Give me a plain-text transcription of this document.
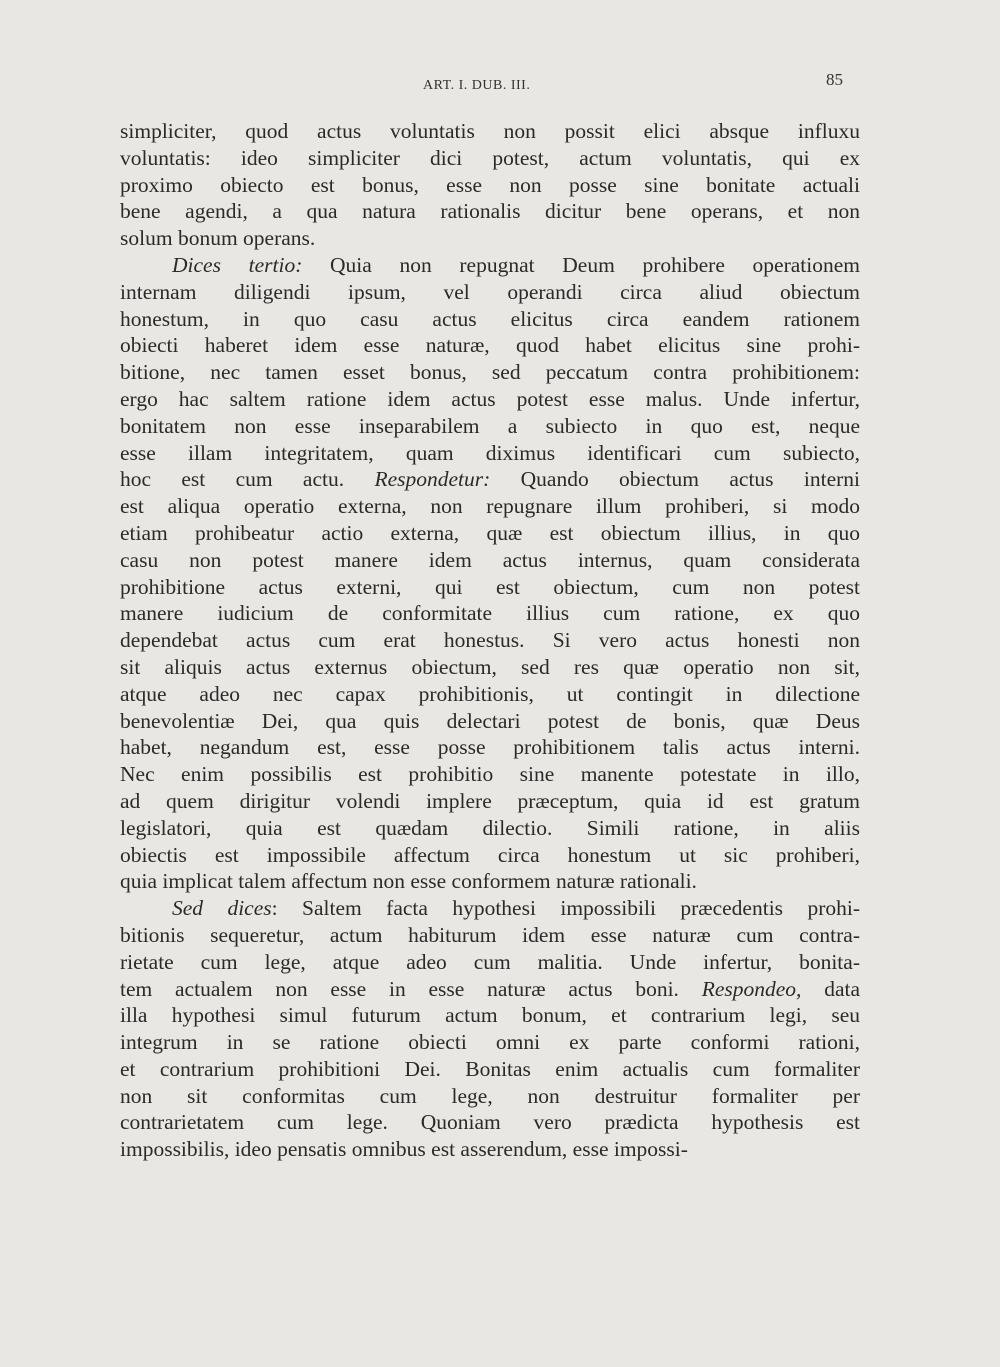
ART. I. DUB. III.	85
simpliciter, quod actus voluntatis non possit elici absque influxu
voluntatis: ideo simpliciter dici potest, actum voluntatis, qui ex
proximo obiecto est bonus, esse non posse sine bonitate actuali
bene agendi, a qua natura rationalis dicitur bene operans, et non
solum bonum operans.
Dices tertio: Quia non repugnat Deum prohibere operationem
internam diligendi ipsum, vel operandi circa aliud obiectum
honestum, in quo casu actus elicitus circa eandem rationem
obiecti haberet idem esse naturæ, quod habet elicitus sine prohi-
bitione, nec tamen esset bonus, sed peccatum contra prohibitionem:
ergo hac saltem ratione idem actus potest esse malus. Unde infertur,
bonitatem non esse inseparabilem a subiecto in quo est, neque
esse illam integritatem, quam diximus identificari cum subiecto,
hoc est cum actu. Respondetur: Quando obiectum actus interni
est aliqua operatio externa, non repugnare illum prohiberi, si modo
etiam prohibeatur actio externa, quæ est obiectum illius, in quo
casu non potest manere idem actus internus, quam considerata
prohibitione actus externi, qui est obiectum, cum non potest
manere iudicium de conformitate illius cum ratione, ex quo
dependebat actus cum erat honestus. Si vero actus honesti non
sit aliquis actus externus obiectum, sed res quæ operatio non sit,
atque adeo nec capax prohibitionis, ut contingit in dilectione
benevolentiæ Dei, qua quis delectari potest de bonis, quæ Deus
habet, negandum est, esse posse prohibitionem talis actus interni.
Nec enim possibilis est prohibitio sine manente potestate in illo,
ad quem dirigitur volendi implere præceptum, quia id est gratum
legislatori, quia est quædam dilectio. Simili ratione, in aliis
obiectis est impossibile affectum circa honestum ut sic prohiberi,
quia implicat talem affectum non esse conformem naturæ rationali.
Sed dices: Saltem facta hypothesi impossibili præcedentis prohi-
bitionis sequeretur, actum habiturum idem esse naturæ cum contra-
rietate cum lege, atque adeo cum malitia. Unde infertur, bonita-
tem actualem non esse in esse naturæ actus boni. Respondeo, data
illa hypothesi simul futurum actum bonum, et contrarium legi, seu
integrum in se ratione obiecti omni ex parte conformi rationi,
et contrarium prohibitioni Dei. Bonitas enim actualis cum formaliter
non sit conformitas cum lege, non destruitur formaliter per
contrarietatem cum lege. Quoniam vero prædicta hypothesis est
impossibilis, ideo pensatis omnibus est asserendum, esse impossi-
